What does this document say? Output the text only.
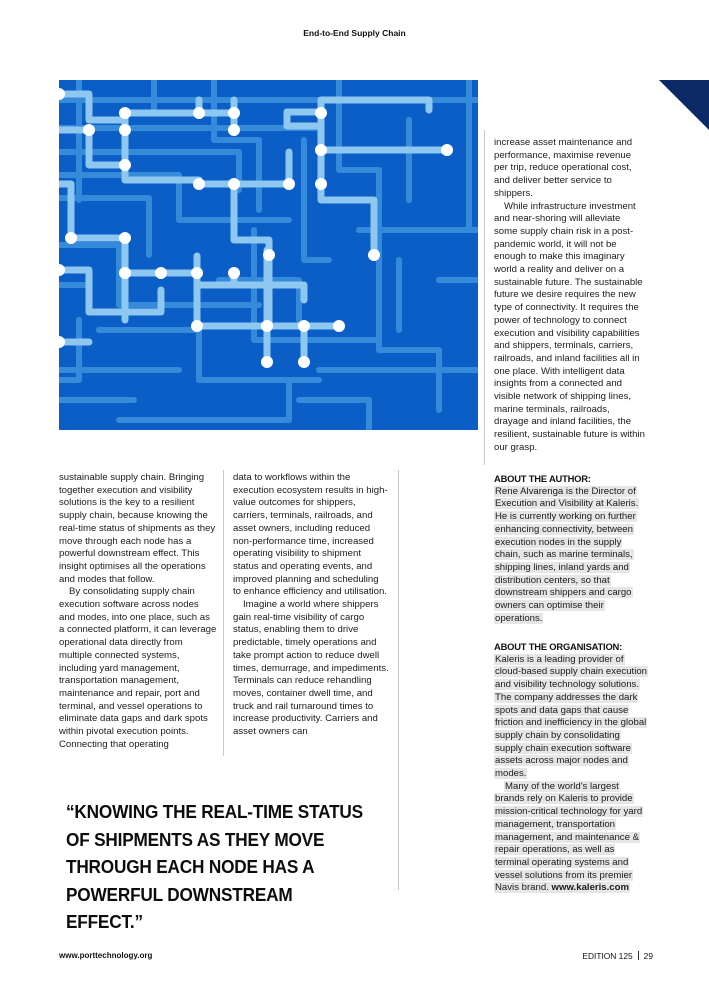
End-to-End Supply Chain

sustainable supply chain. Bringing together execution and visibility solutions is the key to a resilient supply chain, because knowing the real-time status of shipments as they move through each node has a powerful downstream effect. This insight optimises all the operations and modes that follow.

By consolidating supply chain execution software across nodes and modes, into one place, such as a connected platform, it can leverage operational data directly from multiple connected systems, including yard management, transportation management, maintenance and repair, port and terminal, and vessel operations to eliminate data gaps and dark spots within pivotal execution points. Connecting that operating

data to workflows within the execution ecosystem results in high-value outcomes for shippers, carriers, terminals, railroads, and asset owners, including reduced non-performance time, increased operating visibility to shipment status and operating events, and improved planning and scheduling to enhance efficiency and utilisation.

Imagine a world where shippers gain real-time visibility of cargo status, enabling them to drive predictable, timely operations and take prompt action to reduce dwell times, demurrage, and impediments. Terminals can reduce rehandling moves, container dwell time, and truck and rail turnaround times to increase productivity. Carriers and asset owners can

increase asset maintenance and performance, maximise revenue per trip, reduce operational cost, and deliver better service to shippers.

While infrastructure investment and near-shoring will alleviate some supply chain risk in a post-pandemic world, it will not be enough to make this imaginary world a reality and deliver on a sustainable future. The sustainable future we desire requires the new type of connectivity. It requires the power of technology to connect execution and visibility capabilities and shippers, terminals, carriers, railroads, and inland facilities all in one place. With intelligent data insights from a connected and visible network of shipping lines, marine terminals, railroads, drayage and inland facilities, the resilient, sustainable future is within our grasp.

ABOUT THE AUTHOR:

Rene Alvarenga is the Director of Execution and Visibility at Kaleris. He is currently working on further enhancing connectivity, between execution nodes in the supply chain, such as marine terminals, shipping lines, inland yards and distribution centers, so that downstream shippers and cargo owners can optimise their operations.

ABOUT THE ORGANISATION:

Kaleris is a leading provider of cloud-based supply chain execution and visibility technology solutions. The company addresses the dark spots and data gaps that cause friction and inefficiency in the global supply chain by consolidating supply chain execution software assets across major nodes and modes.

Many of the world's largest brands rely on Kaleris to provide mission-critical technology for yard management, transportation management, and maintenance & repair operations, as well as terminal operating systems and vessel solutions from its premier Navis brand. www.kaleris.com

“KNOWING THE REAL-TIME STATUS OF SHIPMENTS AS THEY MOVE THROUGH EACH NODE HAS A POWERFUL DOWNSTREAM EFFECT.”
www.porttechnology.org	EDITION 125 29
